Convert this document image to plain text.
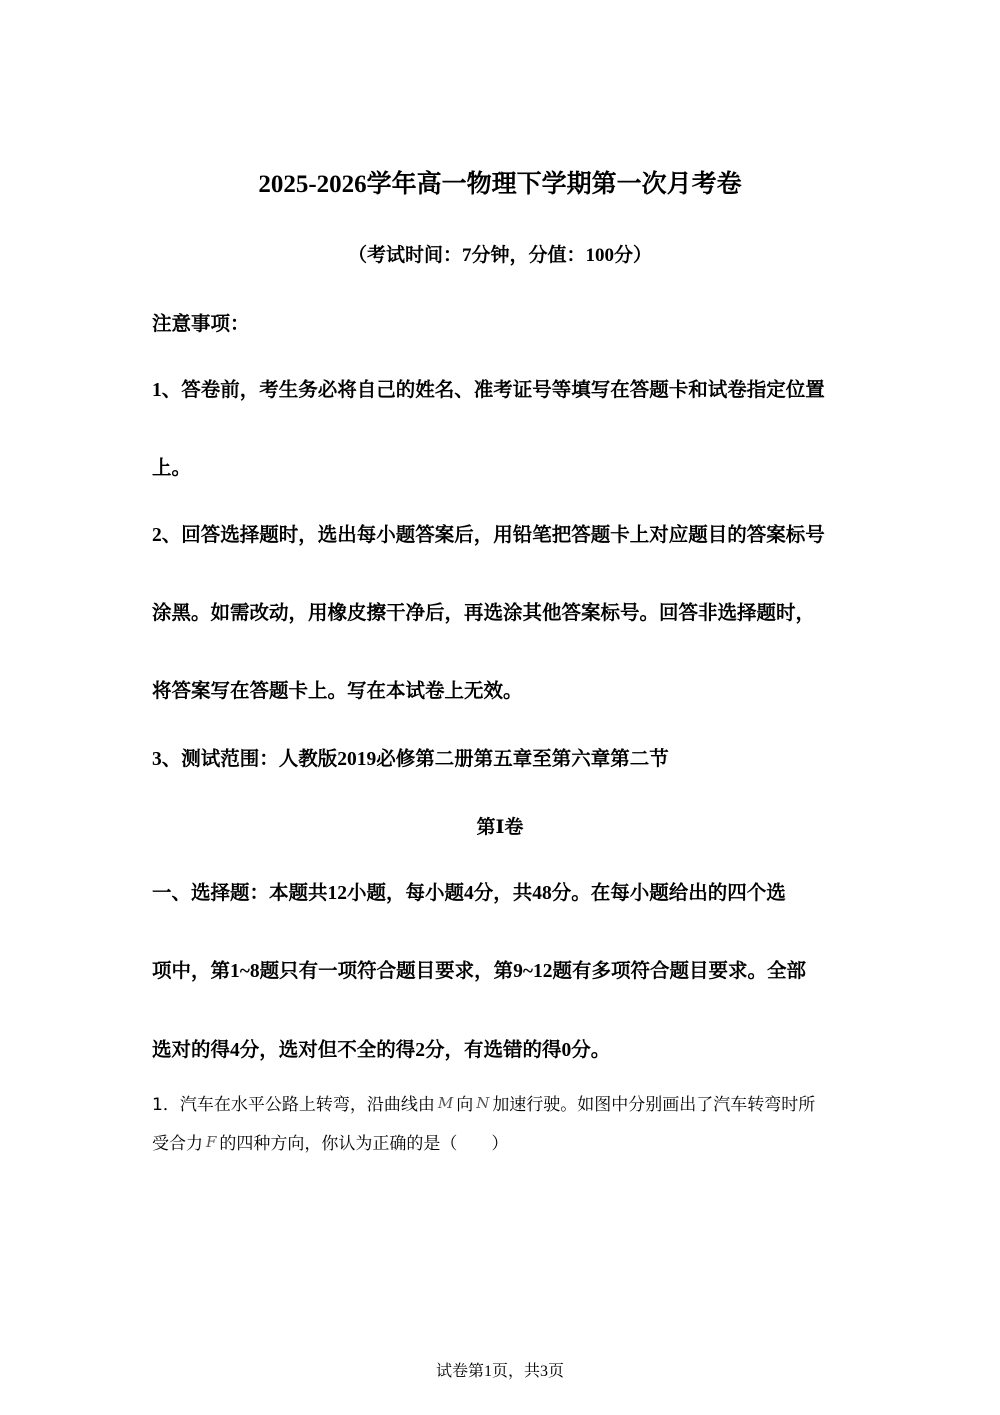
2025-2026学年高一物理下学期第一次月考卷
（考试时间：7分钟，分值：100分）
注意事项：
1、答卷前，考生务必将自己的姓名、准考证号等填写在答题卡和试卷指定位置
上。
2、回答选择题时，选出每小题答案后，用铅笔把答题卡上对应题目的答案标号
涂黑。如需改动，用橡皮擦干净后，再选涂其他答案标号。回答非选择题时，
将答案写在答题卡上。写在本试卷上无效。
3、测试范围：人教版2019必修第二册第五章至第六章第二节
第Ⅰ卷
一、选择题：本题共12小题，每小题4分，共48分。在每小题给出的四个选
项中，第1~8题只有一项符合题目要求，第9~12题有多项符合题目要求。全部
选对的得4分，选对但不全的得2分，有选错的得0分。
1．汽车在水平公路上转弯，沿曲线由 M 向 N 加速行驶。如图中分别画出了汽车转弯时所
受合力 F 的四种方向，你认为正确的是（　　）
试卷第1页，共3页
